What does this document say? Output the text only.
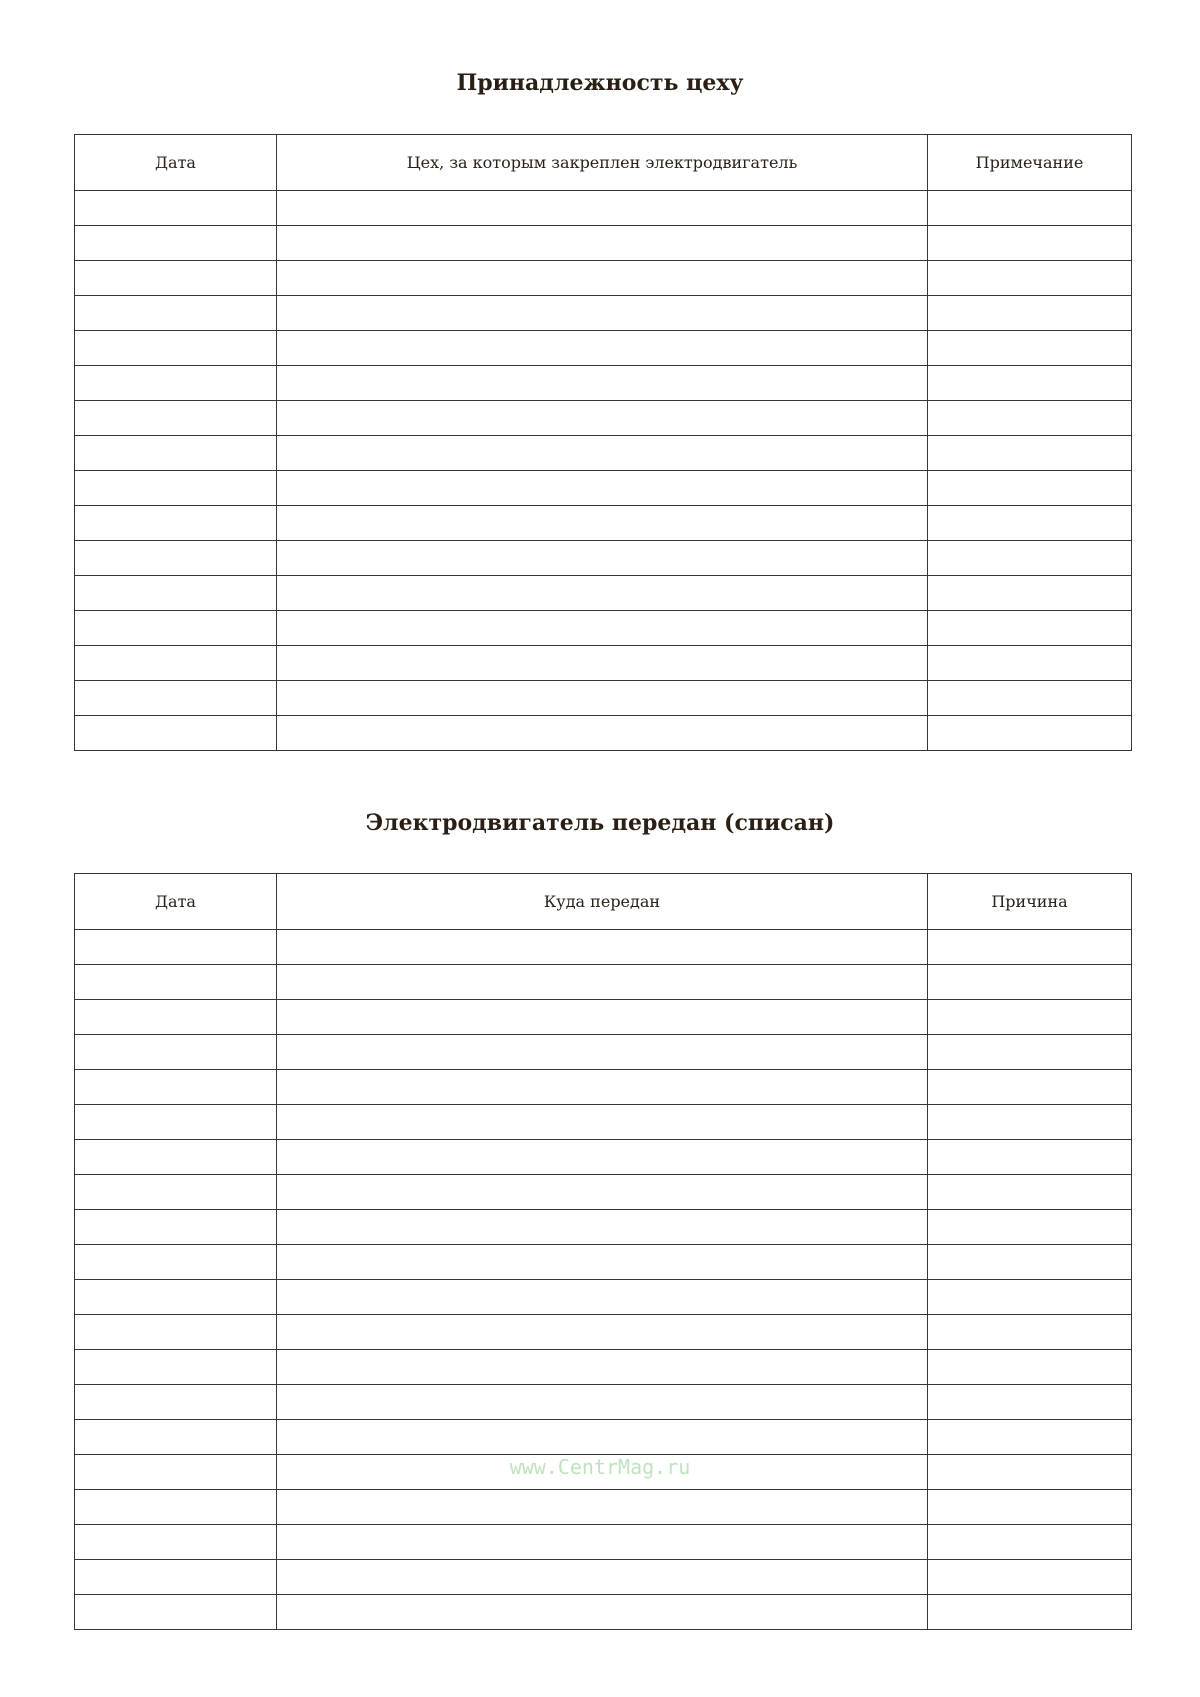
Принадлежность цеху
Дата	Цех, за которым закреплен электродвигатель	Примечание

Электродвигатель передан (списан)
Дата	Куда передан	Причина

www.CentrMag.ru
